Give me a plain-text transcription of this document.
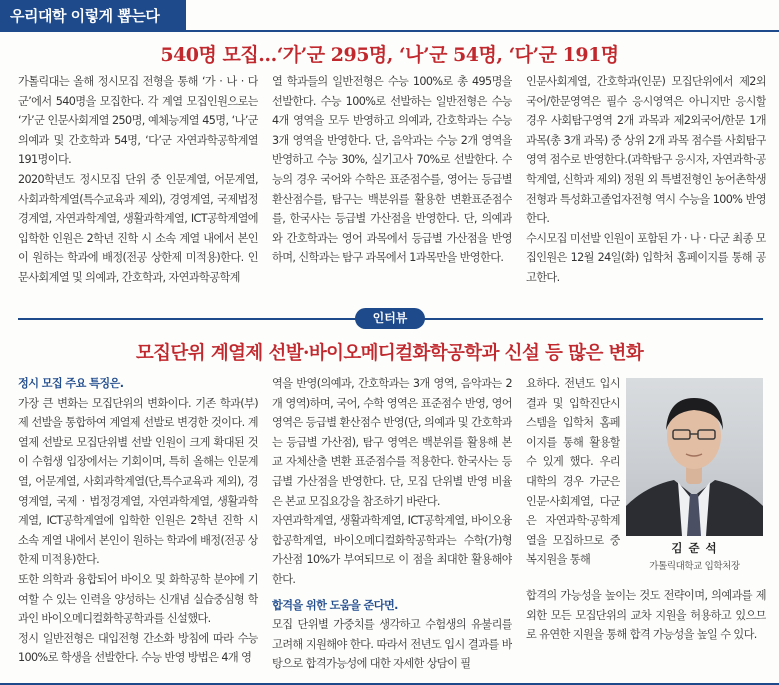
우리대학 이렇게 뽑는다
540명 모집…‘가’군 295명, ‘나’군 54명, ‘다’군 191명

가톨릭대는 올해 정시모집 전형을 통해 ‘가 · 나 · 다군’에서 540명을 모집한다. 각 계열 모집인원으로는 ‘가’군 인문사회계열 250명, 예체능계열 45명, ‘나’군 의예과 및 간호학과 54명, ‘다’군 자연과학공학계열 191명이다.

2020학년도 정시모집 단위 중 인문계열, 어문계열, 사회과학계열(특수교육과 제외), 경영계열, 국제법정경계열, 자연과학계열, 생활과학계열, ICT공학계열에 입학한 인원은 2학년 진학 시 소속 계열 내에서 본인이 원하는 학과에 배정(전공 상한제 미적용)한다. 인문사회계열 및 의예과, 간호학과, 자연과학공학계

열 학과들의 일반전형은 수능 100%로 총 495명을 선발한다. 수능 100%로 선발하는 일반전형은 수능 4개 영역을 모두 반영하고 의예과, 간호학과는 수능 3개 영역을 반영한다. 단, 음악과는 수능 2개 영역을 반영하고 수능 30%, 실기고사 70%로 선발한다. 수능의 경우 국어와 수학은 표준점수를, 영어는 등급별 환산점수를, 탐구는 백분위를 활용한 변환표준점수를, 한국사는 등급별 가산점을 반영한다. 단, 의예과와 간호학과는 영어 과목에서 등급별 가산점을 반영하며, 신학과는 탐구 과목에서 1과목만을 반영한다.

인문사회계열, 간호학과(인문) 모집단위에서 제2외국어/한문영역은 필수 응시영역은 아니지만 응시할 경우 사회탐구영역 2개 과목과 제2외국어/한문 1개 과목(총 3개 과목) 중 상위 2개 과목 점수를 사회탐구영역 점수로 반영한다.(과학탐구 응시자, 자연과학·공학계열, 신학과 제외) 정원 외 특별전형인 농어촌학생전형과 특성화고졸업자전형 역시 수능을 100% 반영한다.

수시모집 미선발 인원이 포함된 가 · 나 · 다군 최종 모집인원은 12월 24일(화) 입학처 홈페이지를 통해 공고한다.

인터뷰
모집단위 계열제 선발·바이오메디컬화학공학과 신설 등 많은 변화

정시 모집 주요 특징은.

가장 큰 변화는 모집단위의 변화이다. 기존 학과(부)제 선발을 통합하여 계열제 선발로 변경한 것이다. 계열제 선발로 모집단위별 선발 인원이 크게 확대된 것이 수험생 입장에서는 기회이며, 특히 올해는 인문계열, 어문계열, 사회과학계열(단,특수교육과 제외), 경영계열, 국제 · 법정경계열, 자연과학계열, 생활과학계열, ICT공학계열에 입학한 인원은 2학년 진학 시 소속 계열 내에서 본인이 원하는 학과에 배정(전공 상한제 미적용)한다.

또한 의학과 융합되어 바이오 및 화학공학 분야에 기여할 수 있는 인력을 양성하는 신개념 실습중심형 학과인 바이오메디컬화학공학과를 신설했다.

정시 일반전형은 대입전형 간소화 방침에 따라 수능 100%로 학생을 선발한다. 수능 반영 방법은 4개 영

역을 반영(의예과, 간호학과는 3개 영역, 음악과는 2개 영역)하며, 국어, 수학 영역은 표준점수 반영, 영어 영역은 등급별 환산점수 반영(단, 의예과 및 간호학과는 등급별 가산점), 탐구 영역은 백분위를 활용해 본교 자체산출 변환 표준점수를 적용한다. 한국사는 등급별 가산점을 반영한다. 단, 모집 단위별 반영 비율은 본교 모집요강을 참조하기 바란다.

자연과학계열, 생활과학계열, ICT공학계열, 바이오융합공학계열, 바이오메디컬화학공학과는 수학(가)형 가산점 10%가 부여되므로 이 점을 최대한 활용해야 한다.

합격을 위한 도움을 준다면.

모집 단위별 가중치를 생각하고 수험생의 유불리를 고려해 지원해야 한다. 따라서 전년도 입시 결과를 바탕으로 합격가능성에 대한 자세한 상담이 필

요하다. 전년도 입시결과 및 입학진단시스템을 입학처 홈페이지를 통해 활용할 수 있게 했다. 우리 대학의 경우 가군은 인문·사회계열, 다군은 자연과학·공학계열을 모집하므로 중복지원을 통해

김 준 석
가톨릭대학교 입학처장

합격의 가능성을 높이는 것도 전략이며, 의예과를 제외한 모든 모집단위의 교차 지원을 허용하고 있으므로 유연한 지원을 통해 합격 가능성을 높일 수 있다.
